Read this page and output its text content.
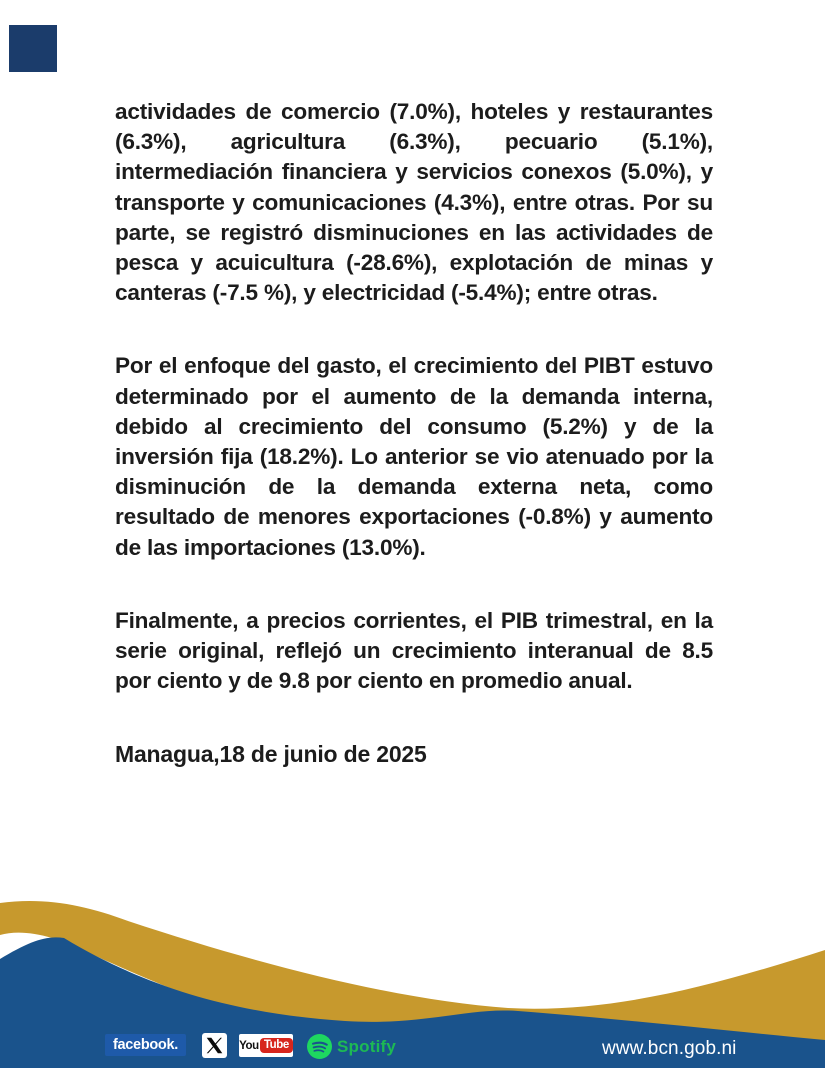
actividades de comercio (7.0%), hoteles y restaurantes (6.3%), agricultura (6.3%), pecuario (5.1%), intermediación financiera y servicios conexos (5.0%), y transporte y comunicaciones (4.3%), entre otras. Por su parte, se registró disminuciones en las actividades de pesca y acuicultura (-28.6%), explotación de minas y canteras (-7.5 %), y electricidad (-5.4%); entre otras.

Por el enfoque del gasto, el crecimiento del PIBT estuvo determinado por el aumento de la demanda interna, debido al crecimiento del consumo (5.2%) y de la inversión fija (18.2%). Lo anterior se vio atenuado por la disminución de la demanda externa neta, como resultado de menores exportaciones (-0.8%) y aumento de las importaciones (13.0%).

Finalmente, a precios corrientes, el PIB trimestral, en la serie original, reflejó un crecimiento interanual de 8.5 por ciento y de 9.8 por ciento en promedio anual.

Managua,18 de junio de 2025

facebook.	You Tube	Spotify	www.bcn.gob.ni
